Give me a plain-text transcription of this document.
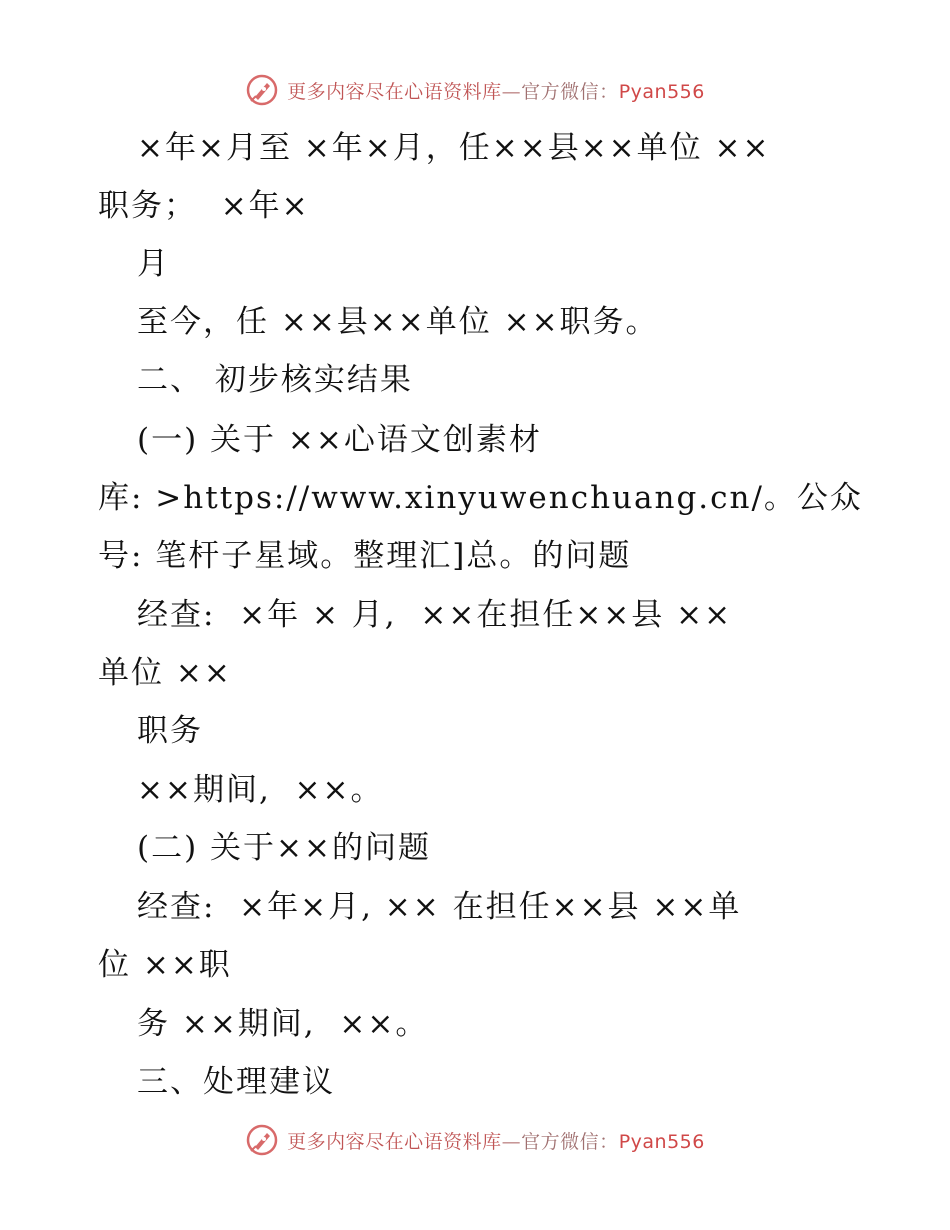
更多内容尽在心语资料库—官方微信：Pyan556
×年×月至 ×年×月，任××县××单位 ××
职务；  ×年×
月
至今，任 ××县××单位 ××职务。
二、 初步核实结果
(一) 关于 ××心语文创素材
库: >https://www.xinyuwenchuang.cn/。公众
号: 笔杆子星域。整理汇]总。的问题
经查:  ×年 × 月,  ××在担任××县 ××
单位 ××
职务
××期间,  ××。
(二) 关于××的问题
经查:  ×年×月, ×× 在担任××县 ××单
位 ××职
务 ××期间,  ××。
三、处理建议
更多内容尽在心语资料库—官方微信：Pyan556
